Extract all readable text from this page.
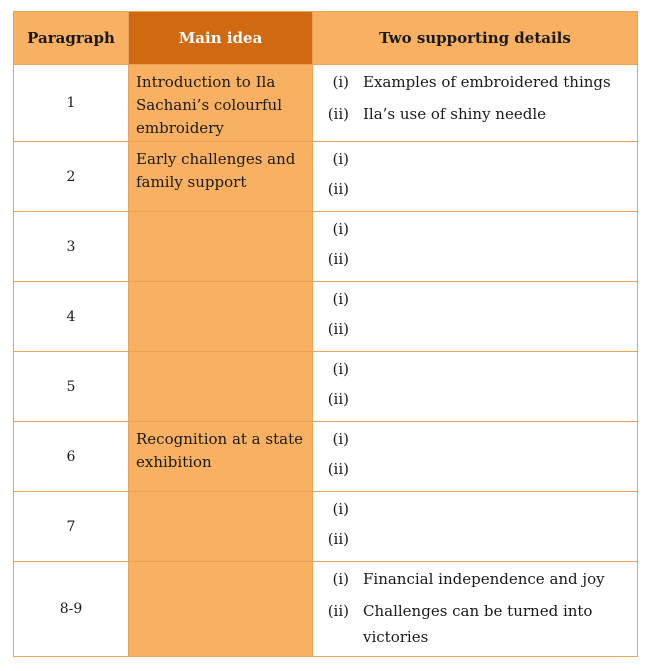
Paragraph	Main idea	Two supporting details
1	Introduction to Ila Sachani’s colourful embroidery	(i) Examples of embroidered things
(ii) Ila’s use of shiny needle

2	Early challenges and family support	(i)
(ii)

3		(i)
(ii)

4		(i)
(ii)

5		(i)
(ii)

6	Recognition at a state exhibition	(i)
(ii)

7		(i)
(ii)

8-9		(i) Financial independence and joy
(ii) Challenges can be turned into victories
